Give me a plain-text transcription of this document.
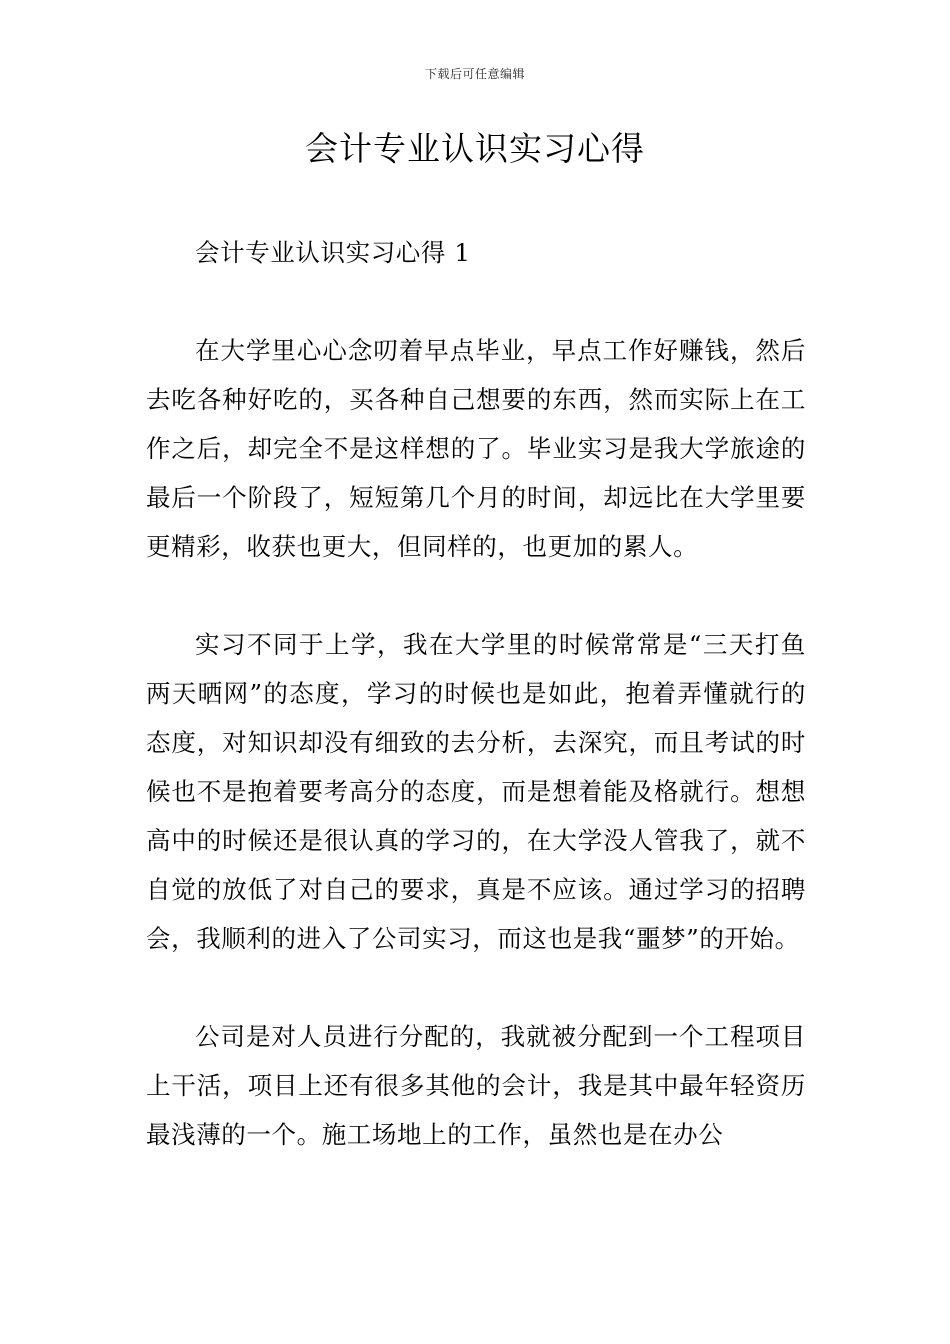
下载后可任意编辑
会计专业认识实习心得

会计专业认识实习心得 1

在大学里心心念叨着早点毕业，早点工作好赚钱，然后去吃各种好吃的，买各种自己想要的东西，然而实际上在工作之后，却完全不是这样想的了。毕业实习是我大学旅途的最后一个阶段了，短短第几个月的时间，却远比在大学里要更精彩，收获也更大，但同样的，也更加的累人。

实习不同于上学，我在大学里的时候常常是“三天打鱼两天晒网”的态度，学习的时候也是如此，抱着弄懂就行的态度，对知识却没有细致的去分析，去深究，而且考试的时候也不是抱着要考高分的态度，而是想着能及格就行。想想高中的时候还是很认真的学习的，在大学没人管我了，就不自觉的放低了对自己的要求，真是不应该。通过学习的招聘会，我顺利的进入了公司实习，而这也是我“噩梦”的开始。

公司是对人员进行分配的，我就被分配到一个工程项目上干活，项目上还有很多其他的会计，我是其中最年轻资历最浅薄的一个。施工场地上的工作，虽然也是在办公
